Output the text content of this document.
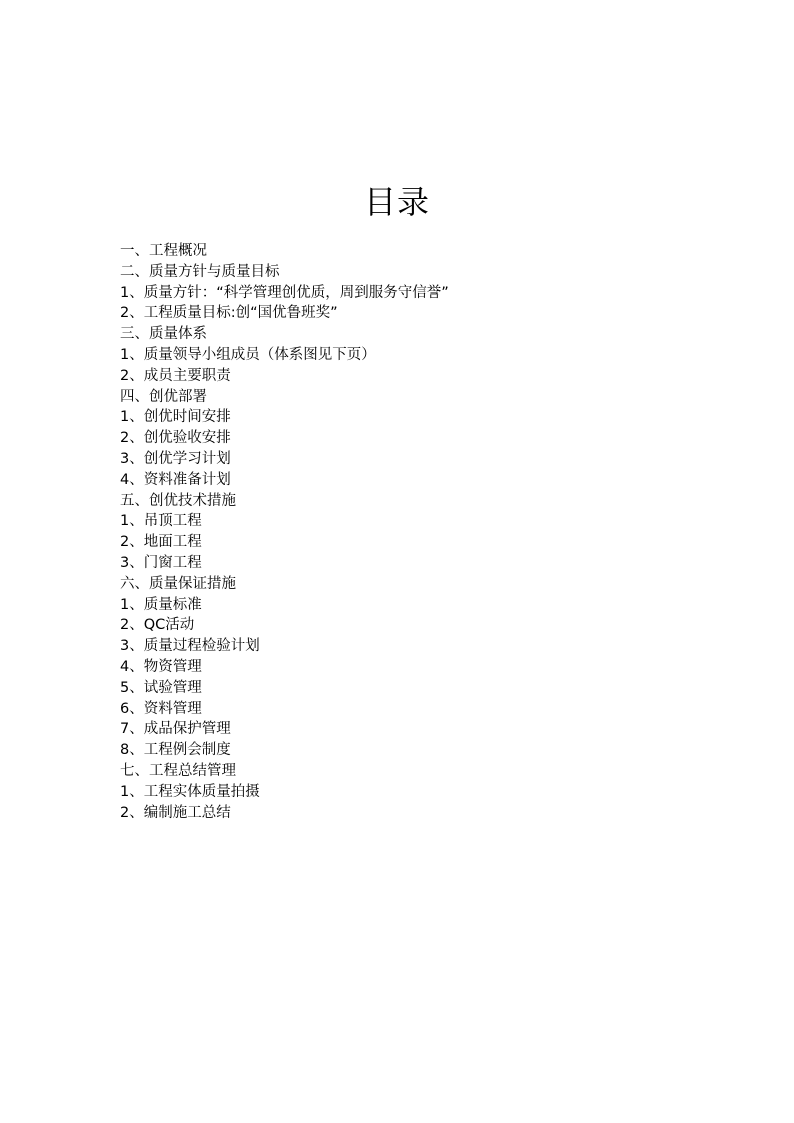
目录
一、工程概况
二、质量方针与质量目标
1、质量方针：“科学管理创优质，周到服务守信誉”
2、工程质量目标:创“国优鲁班奖”
三、质量体系
1、质量领导小组成员（体系图见下页）
2、成员主要职责
四、创优部署
1、创优时间安排
2、创优验收安排
3、创优学习计划
4、资料准备计划
五、创优技术措施
1、吊顶工程
2、地面工程
3、门窗工程
六、质量保证措施
1、质量标准
2、QC活动
3、质量过程检验计划
4、物资管理
5、试验管理
6、资料管理
7、成品保护管理
8、工程例会制度
七、工程总结管理
1、工程实体质量拍摄
2、编制施工总结
